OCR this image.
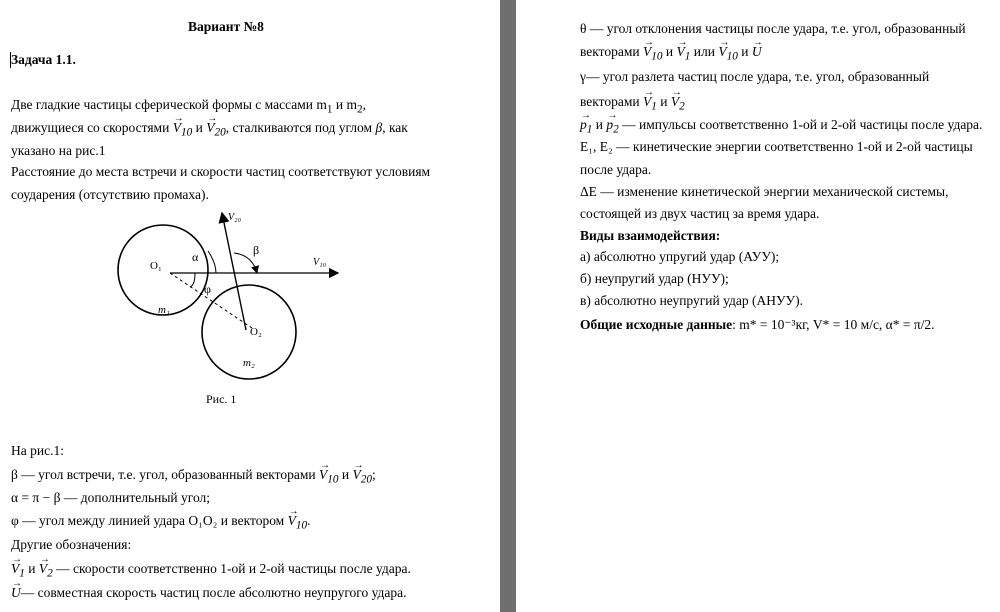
Вариант №8
Задача 1.1.
Две гладкие частицы сферической формы с массами $m_1$ и $m_2$,
движущиеся со скоростями → $V_{10}$ $и \to V_{20}$, сталкиваются под углом β, как
указано на рис.1
Расстояние до места встречи и скорости частиц соответствуют условиям
соударения (отсутствию промаха).
O₁
O₂
m₁
m₂
α	β
φ
V₁₀
V₂₀
Рис. 1
На рис.1:
β — угол встречи, т.е. угол, образованный векторами → $V_{10}$ $и \to V_{20}$;
α = π − β — дополнительный угол;
φ — угол между линией удара O₁O₂ и вектором → $V_{10}$.
Другие обозначения:
→ $V_1$ $и \to V_2$ — скорости соответственно 1-ой и 2-ой частицы после удара.
→ U— совместная скорость частиц после абсолютно неупругого удара.
θ — угол отклонения частицы после удара, т.е. угол, образованный
векторами → $V_{10}$ $и \to V_1$ или → $V_{10}$ и → U
γ— угол разлета частиц после удара, т.е. угол, образованный
векторами → $V_1$ $и \to V_2$
→ $p_1$ $и \to p_2$ — импульсы соответственно 1-ой и 2-ой частицы после удара.
E₁, E₂ — кинетические энергии соответственно 1-ой и 2-ой частицы
после удара.
ΔE — изменение кинетической энергии механической системы,
состоящей из двух частиц за время удара.
Виды взаимодействия:
а) абсолютно упругий удар (АУУ);
б) неупругий удар (НУУ);
в) абсолютно неупругий удар (АНУУ).
Общие исходные данные: m* = 10⁻³кг, V* = 10 м/с, α* = π/2.
